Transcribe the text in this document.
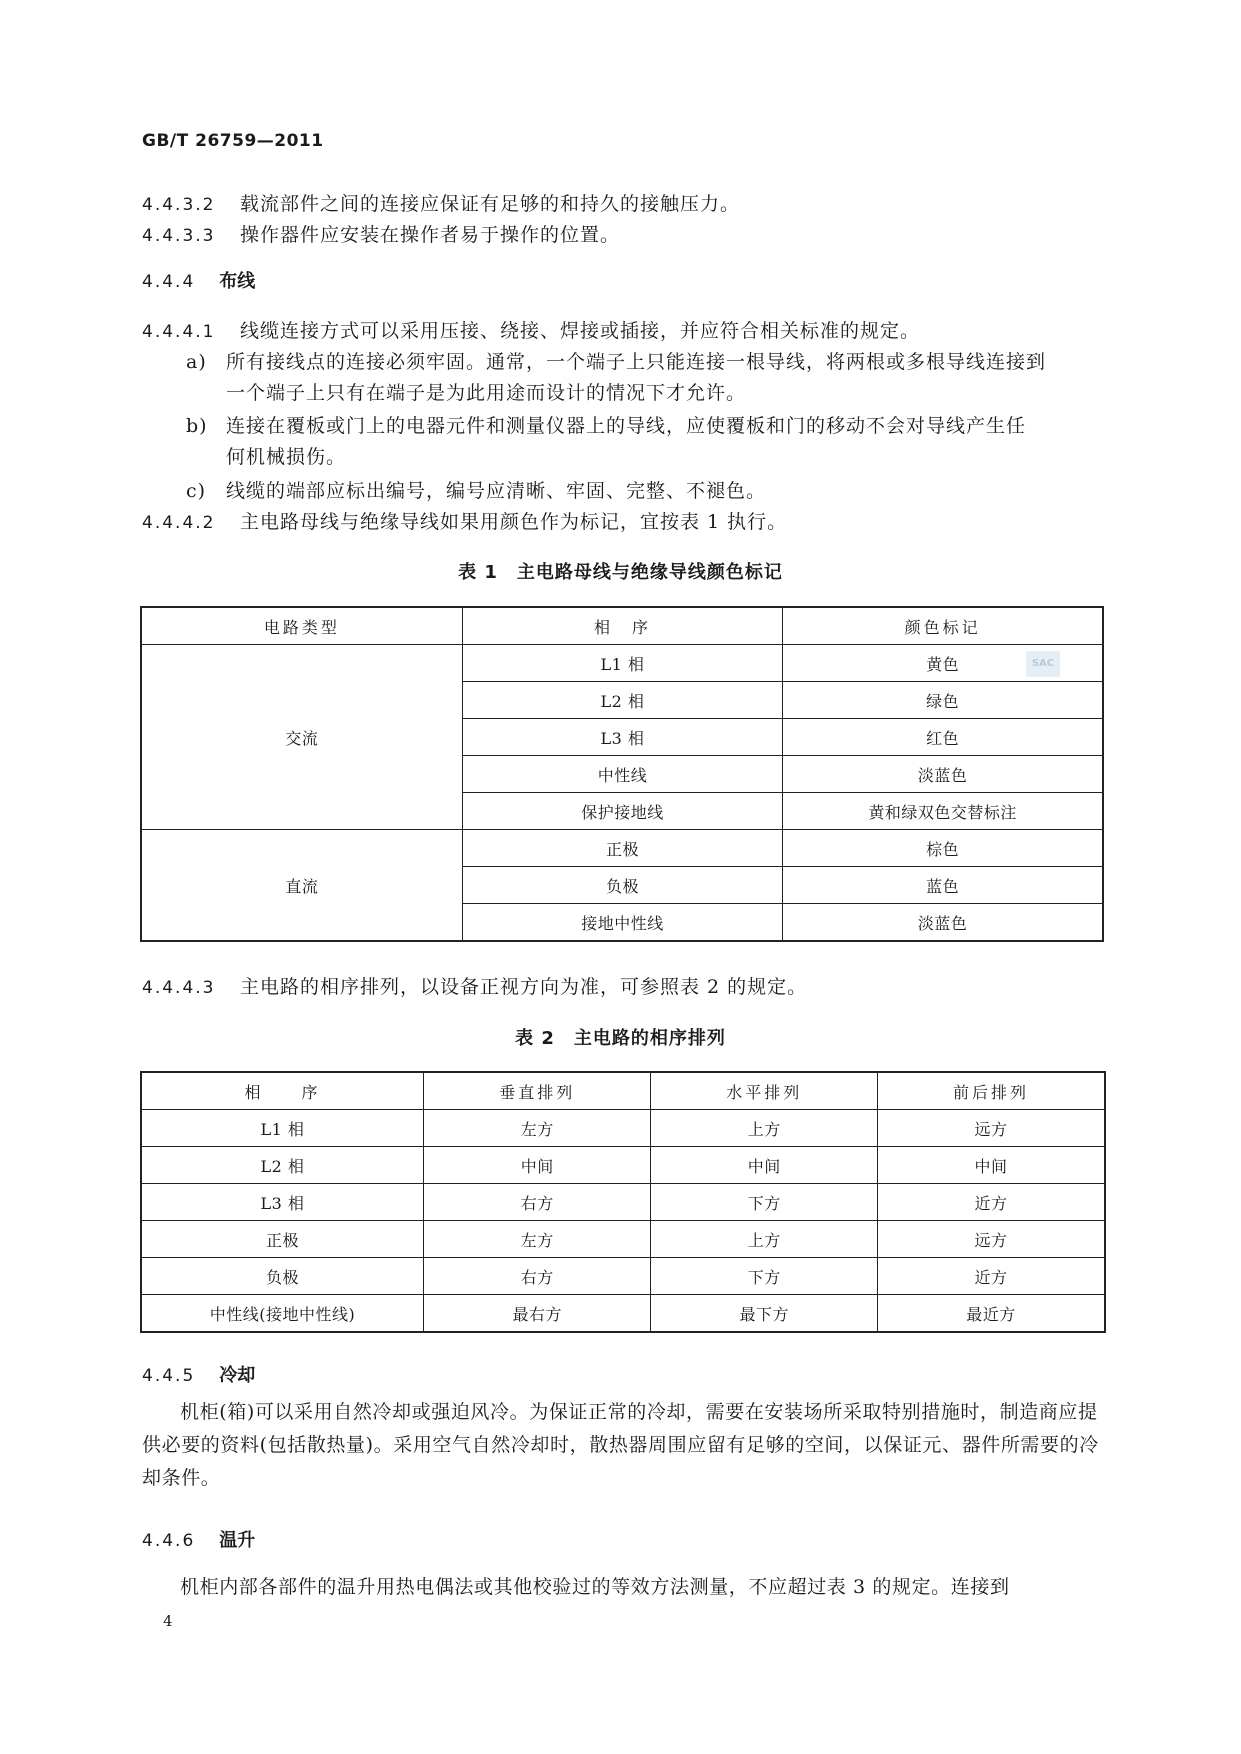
GB/T 26759—2011
4.4.3.2 载流部件之间的连接应保证有足够的和持久的接触压力。
4.4.3.3 操作器件应安装在操作者易于操作的位置。
4.4.4 布线
4.4.4.1 线缆连接方式可以采用压接、绕接、焊接或插接，并应符合相关标准的规定。
a) 所有接线点的连接必须牢固。通常，一个端子上只能连接一根导线，将两根或多根导线连接到
一个端子上只有在端子是为此用途而设计的情况下才允许。
b) 连接在覆板或门上的电器元件和测量仪器上的导线，应使覆板和门的移动不会对导线产生任
何机械损伤。
c) 线缆的端部应标出编号，编号应清晰、牢固、完整、不褪色。
4.4.4.2 主电路母线与绝缘导线如果用颜色作为标记，宜按表 1 执行。
表 1　主电路母线与绝缘导线颜色标记
电路类型	相　序	颜色标记
交流	L1 相	黄色
	L2 相	绿色
	L3 相	红色
	中性线	淡蓝色
	保护接地线	黄和绿双色交替标注
直流	正极	棕色
	负极	蓝色
	接地中性线	淡蓝色
SAC
4.4.4.3 主电路的相序排列，以设备正视方向为准，可参照表 2 的规定。
表 2　主电路的相序排列
相　　序	垂直排列	水平排列	前后排列
L1 相	左方	上方	远方
L2 相	中间	中间	中间
L3 相	右方	下方	近方
正极	左方	上方	远方
负极	右方	下方	近方
中性线(接地中性线)	最右方	最下方	最近方
4.4.5 冷却

机柜(箱)可以采用自然冷却或强迫风冷。为保证正常的冷却，需要在安装场所采取特别措施时，制造商应提供必要的资料(包括散热量)。采用空气自然冷却时，散热器周围应留有足够的空间，以保证元、器件所需要的冷却条件。

4.4.6 温升

机柜内部各部件的温升用热电偶法或其他校验过的等效方法测量，不应超过表 3 的规定。连接到

4
